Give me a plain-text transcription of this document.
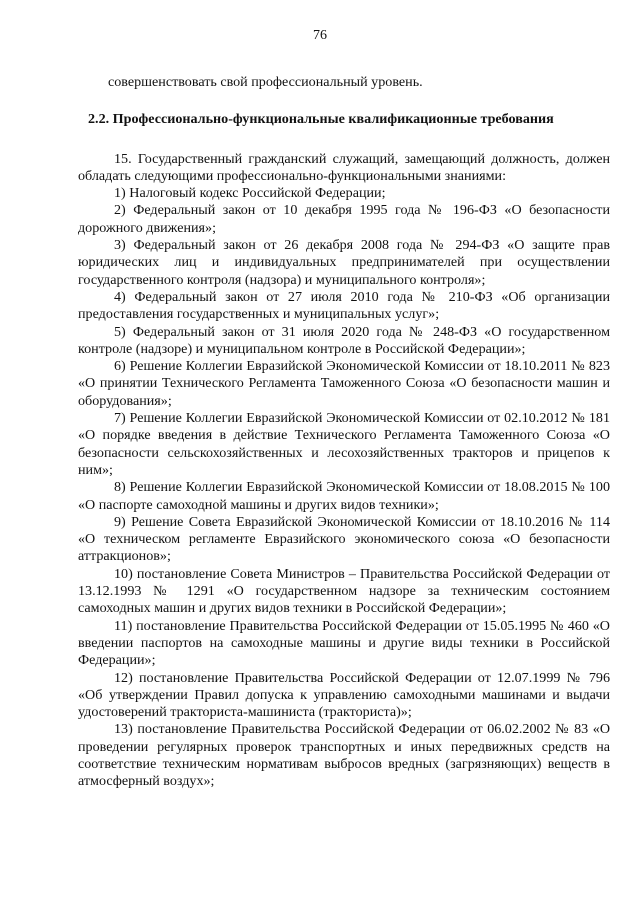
76

совершенствовать свой профессиональный уровень.

2.2. Профессионально-функциональные квалификационные требования

15. Государственный гражданский служащий, замещающий должность, должен обладать следующими профессионально-функциональными знаниями:

1) Налоговый кодекс Российской Федерации;

2) Федеральный закон от 10 декабря 1995 года № 196-ФЗ «О безопасности дорожного движения»;

3) Федеральный закон от 26 декабря 2008 года № 294-ФЗ «О защите прав юридических лиц и индивидуальных предпринимателей при осуществлении государственного контроля (надзора) и муниципального контроля»;

4) Федеральный закон от 27 июля 2010 года № 210-ФЗ «Об организации предоставления государственных и муниципальных услуг»;

5) Федеральный закон от 31 июля 2020 года № 248-ФЗ «О государственном контроле (надзоре) и муниципальном контроле в Российской Федерации»;

6) Решение Коллегии Евразийской Экономической Комиссии от 18.10.2011 № 823 «О принятии Технического Регламента Таможенного Союза «О безопасности машин и оборудования»;

7) Решение Коллегии Евразийской Экономической Комиссии от 02.10.2012 № 181 «О порядке введения в действие Технического Регламента Таможенного Союза «О безопасности сельскохозяйственных и лесохозяйственных тракторов и прицепов к ним»;

8) Решение Коллегии Евразийской Экономической Комиссии от 18.08.2015 № 100 «О паспорте самоходной машины и других видов техники»;

9) Решение Совета Евразийской Экономической Комиссии от 18.10.2016 № 114 «О техническом регламенте Евразийского экономического союза «О безопасности аттракционов»;

10) постановление Совета Министров – Правительства Российской Федерации от 13.12.1993 № 1291 «О государственном надзоре за техническим состоянием самоходных машин и других видов техники в Российской Федерации»;

11) постановление Правительства Российской Федерации от 15.05.1995 № 460 «О введении паспортов на самоходные машины и другие виды техники в Российской Федерации»;

12) постановление Правительства Российской Федерации от 12.07.1999 № 796 «Об утверждении Правил допуска к управлению самоходными машинами и выдачи удостоверений тракториста-машиниста (тракториста)»;

13) постановление Правительства Российской Федерации от 06.02.2002 № 83 «О проведении регулярных проверок транспортных и иных передвижных средств на соответствие техническим нормативам выбросов вредных (загрязняющих) веществ в атмосферный воздух»;
